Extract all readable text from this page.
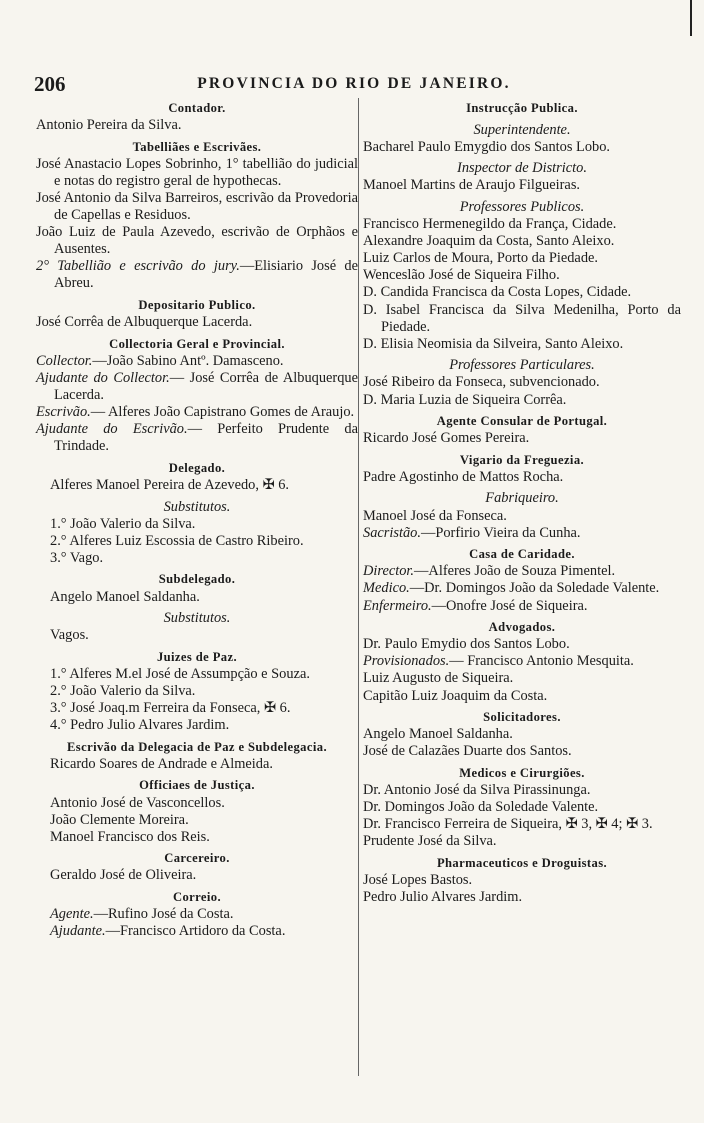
206	PROVINCIA DO RIO DE JANEIRO.
Contador.
Antonio Pereira da Silva.
Tabelliães e Escrivães.
José Anastacio Lopes Sobrinho, 1° tabellião do judicial e notas do registro geral de hypothecas.
José Antonio da Silva Barreiros, escrivão da Provedoria de Capellas e Residuos.
João Luiz de Paula Azevedo, escrivão de Orphãos e Ausentes.
2° Tabellião e escrivão do jury.—Elisiario José de Abreu.
Depositario Publico.
José Corrêa de Albuquerque Lacerda.
Collectoria Geral e Provincial.
Collector.—João Sabino Antº. Damasceno.
Ajudante do Collector.— José Corrêa de Albuquerque Lacerda.
Escrivão.— Alferes João Capistrano Gomes de Araujo.
Ajudante do Escrivão.— Perfeito Prudente da Trindade.
Delegado.
Alferes Manoel Pereira de Azevedo, ✠ 6.
Substitutos.
1.° João Valerio da Silva.
2.° Alferes Luiz Escossia de Castro Ribeiro.
3.° Vago.
Subdelegado.
Angelo Manoel Saldanha.
Substitutos.
Vagos.
Juizes de Paz.
1.° Alferes M.el José de Assumpção e Souza.
2.° João Valerio da Silva.
3.° José Joaq.m Ferreira da Fonseca, ✠ 6.
4.° Pedro Julio Alvares Jardim.
Escrivão da Delegacia de Paz e Subdelegacia.
Ricardo Soares de Andrade e Almeida.
Officiaes de Justiça.
Antonio José de Vasconcellos.
João Clemente Moreira.
Manoel Francisco dos Reis.
Carcereiro.
Geraldo José de Oliveira.
Correio.
Agente.—Rufino José da Costa.
Ajudante.—Francisco Artidoro da Costa.
Instrucção Publica.
Superintendente.
Bacharel Paulo Emygdio dos Santos Lobo.
Inspector de Districto.
Manoel Martins de Araujo Filgueiras.
Professores Publicos.
Francisco Hermenegildo da França, Cidade.
Alexandre Joaquim da Costa, Santo Aleixo.
Luiz Carlos de Moura, Porto da Piedade.
Wenceslão José de Siqueira Filho.
D. Candida Francisca da Costa Lopes, Cidade.
D. Isabel Francisca da Silva Medenilha, Porto da Piedade.
D. Elisia Neomisia da Silveira, Santo Aleixo.
Professores Particulares.
José Ribeiro da Fonseca, subvencionado.
D. Maria Luzia de Siqueira Corrêa.
Agente Consular de Portugal.
Ricardo José Gomes Pereira.
Vigario da Freguezia.
Padre Agostinho de Mattos Rocha.
Fabriqueiro.
Manoel José da Fonseca.
Sacristão.—Porfirio Vieira da Cunha.
Casa de Caridade.
Director.—Alferes João de Souza Pimentel.
Medico.—Dr. Domingos João da Soledade Valente.
Enfermeiro.—Onofre José de Siqueira.
Advogados.
Dr. Paulo Emydio dos Santos Lobo.
Provisionados.— Francisco Antonio Mesquita.
Luiz Augusto de Siqueira.
Capitão Luiz Joaquim da Costa.
Solicitadores.
Angelo Manoel Saldanha.
José de Calazães Duarte dos Santos.
Medicos e Cirurgiões.
Dr. Antonio José da Silva Pirassinunga.
Dr. Domingos João da Soledade Valente.
Dr. Francisco Ferreira de Siqueira, ✠ 3, ✠ 4; ✠ 3.
Prudente José da Silva.
Pharmaceuticos e Droguistas.
José Lopes Bastos.
Pedro Julio Alvares Jardim.
